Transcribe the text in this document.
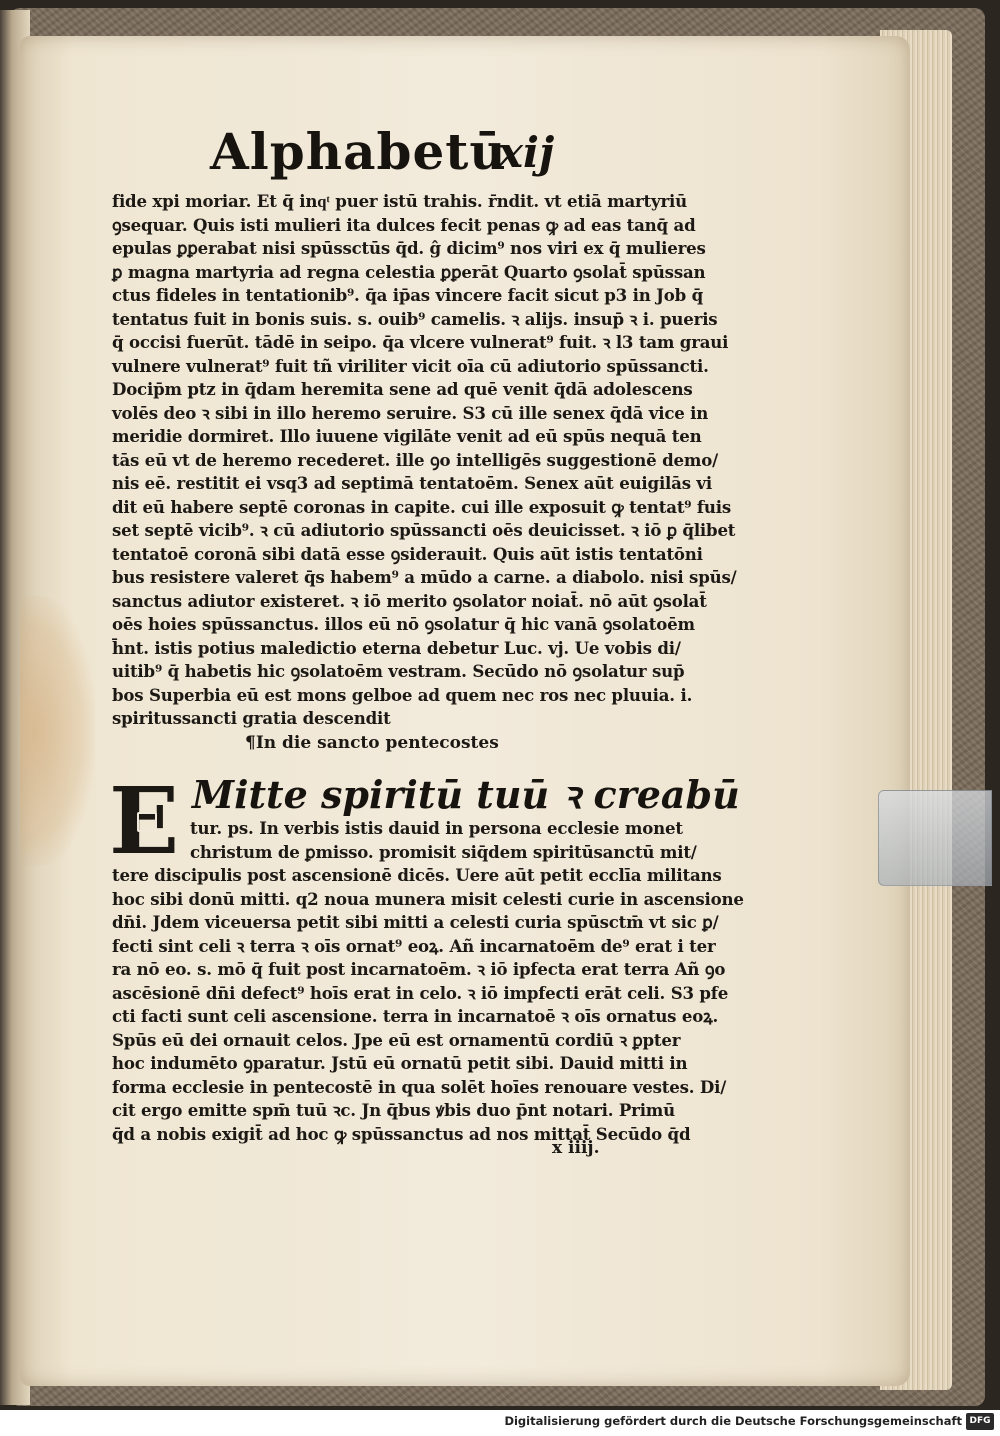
Alphabetū
xij
fide xpi moriar. Et q̄ inqͭ puer istū trahis. r̄ndit. vt etiā martyriū
ꝯsequar. Quis isti mulieri ita dulces fecit penas ꝙ ad eas tanq̄ ad
epulas ꝑꝑerabat nisi spūssctūs q̄d. ĝ dicim⁹ nos viri ex q̄ mulieres
ꝑ magna martyria ad regna celestia ꝑꝑerāt Quarto ꝯsolat̄ spūssan
ctus fideles in tentationib⁹. q̄a ip̄as vincere facit sicut p3 in Job q̄
tentatus fuit in bonis suis. s. ouib⁹ camelis. ꝛ alijs. insup̄ ꝛ i. pueris
q̄ occisi fuerūt. tādē in seipo. q̄a vlcere vulnerat⁹ fuit. ꝛ l3 tam graui
vulnere vulnerat⁹ fuit tñ viriliter vicit oīa cū adiutorio spūssancti.
Docip̄m ptz in q̄dam heremita sene ad quē venit q̄dā adolescens
volēs deo ꝛ sibi in illo heremo seruire. S3 cū ille senex q̄dā vice in
meridie dormiret. Illo iuuene vigilāte venit ad eū spūs nequā ten
tās eū vt de heremo recederet. ille ꝯo intelligēs suggestionē demo/
nis eē. restitit ei vsq3 ad septimā tentatoēm. Senex aūt euigilās vi
dit eū habere septē coronas in capite. cui ille exposuit ꝙ tentat⁹ fuis
set septē vicib⁹. ꝛ cū adiutorio spūssancti oēs deuicisset. ꝛ iō ꝑ q̄libet
tentatoē coronā sibi datā esse ꝯsiderauit. Quis aūt istis tentatōni
bus resistere valeret q̄s habem⁹ a mūdo a carne. a diabolo. nisi spūs/
sanctus adiutor existeret. ꝛ iō merito ꝯsolator noiat̄. nō aūt ꝯsolat̄
oēs hoies spūssanctus. illos eū nō ꝯsolatur q̄ hic vanā ꝯsolatoēm
h̄nt. istis potius maledictio eterna debetur Luc. vj. Ue vobis di/
uitib⁹ q̄ habetis hic ꝯsolatoēm vestram. Secūdo nō ꝯsolatur sup̄
bos Superbia eū est mons gelboe ad quem nec ros nec pluuia. i.
spiritussancti gratia descendit
¶In die sancto pentecostes
E Mitte spiritū tuū ꝛ creabū
tur. ps. In verbis istis dauid in persona ecclesie monet
christum de ꝑmisso. promisit siq̄dem spiritūsanctū mit/
tere discipulis post ascensionē dicēs. Uere aūt petit ecclīa militans
hoc sibi donū mitti. q2 noua munera misit celesti curie in ascensione
dn̄i. Jdem viceuersa petit sibi mitti a celesti curia spūsctm̄ vt sic ꝑ/
fecti sint celi ꝛ terra ꝛ oīs ornat⁹ eoꝝ. Añ incarnatoēm de⁹ erat i ter
ra nō eo. s. mō q̄ fuit post incarnatoēm. ꝛ iō ipfecta erat terra Añ ꝯo
ascēsionē dn̄i defect⁹ hoīs erat in celo. ꝛ iō impfecti erāt celi. S3 pfe
cti facti sunt celi ascensione. terra in incarnatoē ꝛ oīs ornatus eoꝝ.
Spūs eū dei ornauit celos. Jpe eū est ornamentū cordiū ꝛ ꝑpter
hoc indumēto ꝯparatur. Jstū eū ornatū petit sibi. Dauid mitti in
forma ecclesie in pentecostē in qua solēt hoīes renouare vestes. Di/
cit ergo emitte spm̄ tuū ꝛc. Jn q̄bus ꝟbis duo p̄nt notari. Primū
q̄d a nobis exigit̄ ad hoc ꝙ spūssanctus ad nos mittat̄ Secūdo q̄d
x iiij.
Digitalisierung gefördert durch die Deutsche Forschungsgemeinschaft DFG
